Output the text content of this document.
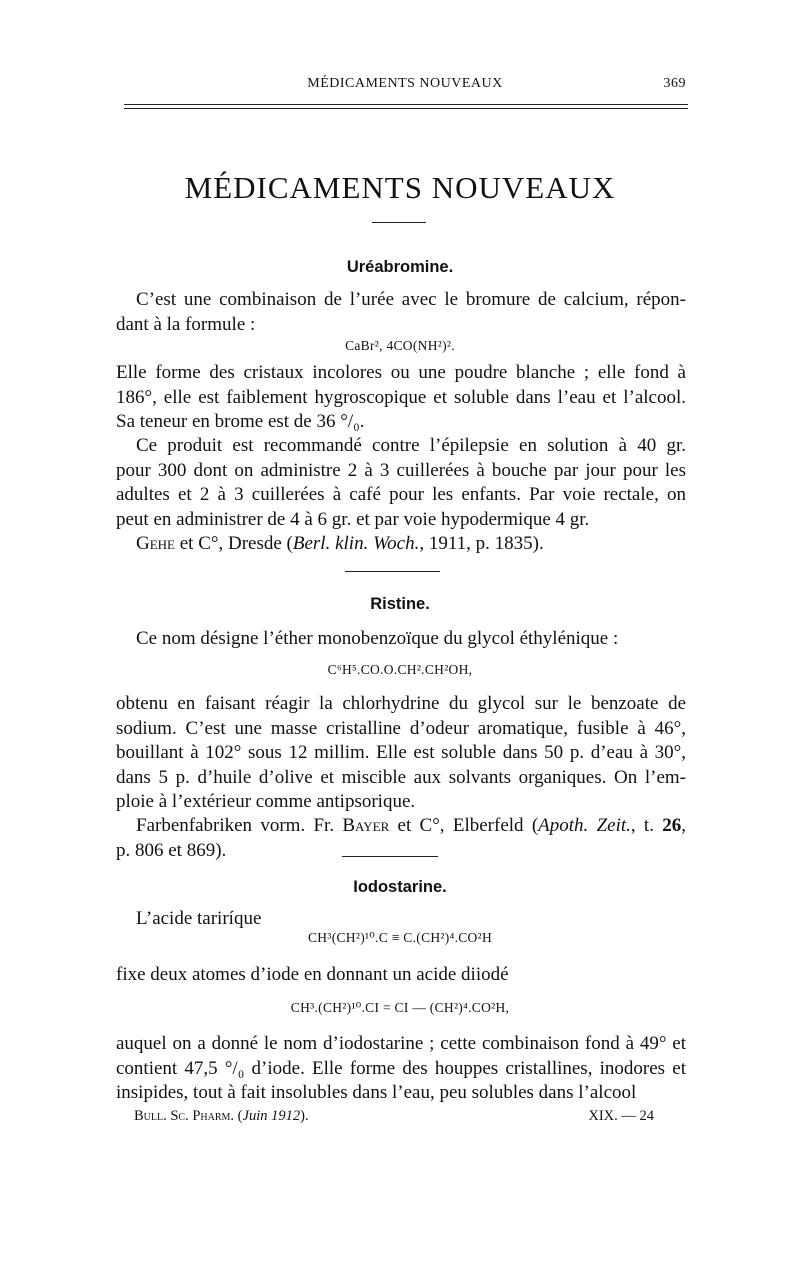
MÉDICAMENTS NOUVEAUX	369
MÉDICAMENTS NOUVEAUX
Uréabromine.
C’est une combinaison de l’urée avec le bromure de calcium, répon-
dant à la formule :
CaBr², 4CO(NH²)².
Elle forme des cristaux incolores ou une poudre blanche ; elle fond à
186°, elle est faiblement hygroscopique et soluble dans l’eau et l’alcool.
Sa teneur en brome est de 36 °/₀.
Ce produit est recommandé contre l’épilepsie en solution à 40 gr.
pour 300 dont on administre 2 à 3 cuillerées à bouche par jour pour les
adultes et 2 à 3 cuillerées à café pour les enfants. Par voie rectale, on
peut en administrer de 4 à 6 gr. et par voie hypodermique 4 gr.
Gehe et C°, Dresde (Berl. klin. Woch., 1911, p. 1835).
Ristine.
Ce nom désigne l’éther monobenzoïque du glycol éthylénique :
C⁶H⁵.CO.O.CH².CH²OH,
obtenu en faisant réagir la chlorhydrine du glycol sur le benzoate de
sodium. C’est une masse cristalline d’odeur aromatique, fusible à 46°,
bouillant à 102° sous 12 millim. Elle est soluble dans 50 p. d’eau à 30°,
dans 5 p. d’huile d’olive et miscible aux solvants organiques. On l’em-
ploie à l’extérieur comme antipsorique.
Farbenfabriken vorm. Fr. Bayer et C°, Elberfeld (Apoth. Zeit., t. 26,
p. 806 et 869).
Iodostarine.
L’acide tariríque
CH³(CH²)¹⁰.C ≡ C.(CH²)⁴.CO²H
fixe deux atomes d’iode en donnant un acide diiodé
CH³.(CH²)¹⁰.CI = CI — (CH²)⁴.CO²H,
auquel on a donné le nom d’iodostarine ; cette combinaison fond à 49° et
contient 47,5 °/₀ d’iode. Elle forme des houppes cristallines, inodores et
insipides, tout à fait insolubles dans l’eau, peu solubles dans l’alcool
Bull. Sc. Pharm. (Juin 1912).	XIX. — 24
